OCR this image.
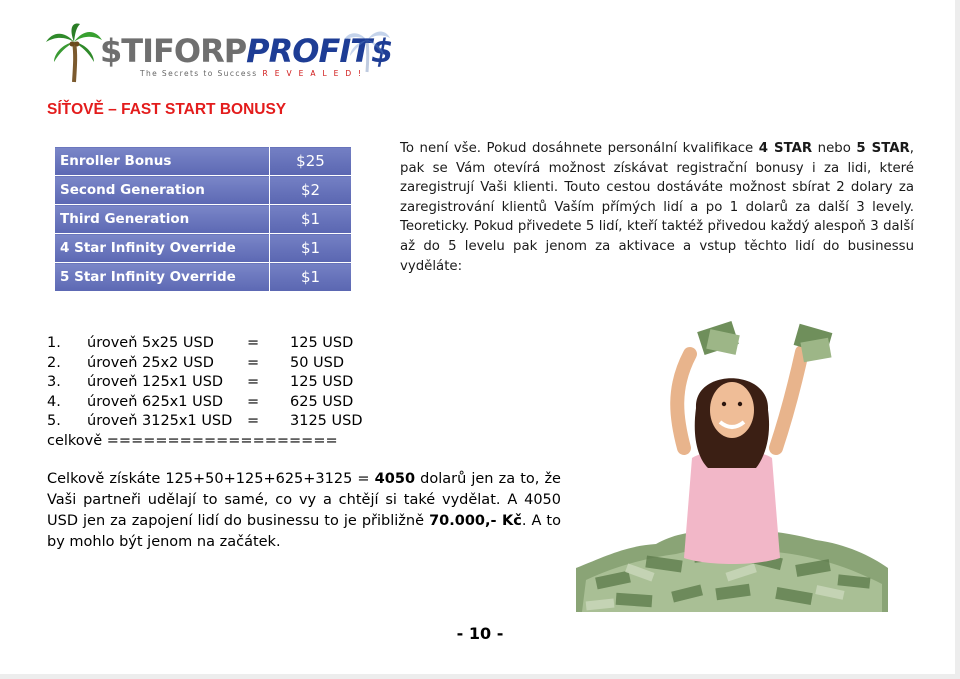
$TIFORPPROFIT$
The Secrets to Success REVEALED!
SÍŤOVĚ – FAST START BONUSY
Enroller Bonus	$25
Second Generation	$2
Third Generation	$1
4 Star Infinity Override	$1
5 Star Infinity Override	$1

To není vše. Pokud dosáhnete personální kvalifikace 4 STAR nebo 5 STAR, pak se Vám otevírá možnost získávat registrační bonusy i za lidi, které zaregistrují Vaši klienti. Touto cestou dostáváte možnost sbírat 2 dolary za zaregistrování klientů Vaším přímých lidí a po 1 dolarů za další 3 levely. Teoreticky. Pokud přivedete 5 lidí, kteří taktéž přivedou každý alespoň 3 další až do 5 levelu pak jenom za aktivace a vstup těchto lidí do businessu vyděláte:

1. úroveň 5x25 USD = 125 USD
2. úroveň 25x2 USD = 50 USD
3. úroveň 125x1 USD = 125 USD
4. úroveň 625x1 USD = 625 USD
5. úroveň 3125x1 USD = 3125 USD
celkově ===================

Celkově získáte 125+50+125+625+3125 = 4050 dolarů jen za to, že Vaši partneři udělají to samé, co vy a chtějí si také vydělat. A 4050 USD jen za zapojení lidí do businessu to je přibližně 70.000,- Kč. A to by mohlo být jenom na začátek.

- 10 -
